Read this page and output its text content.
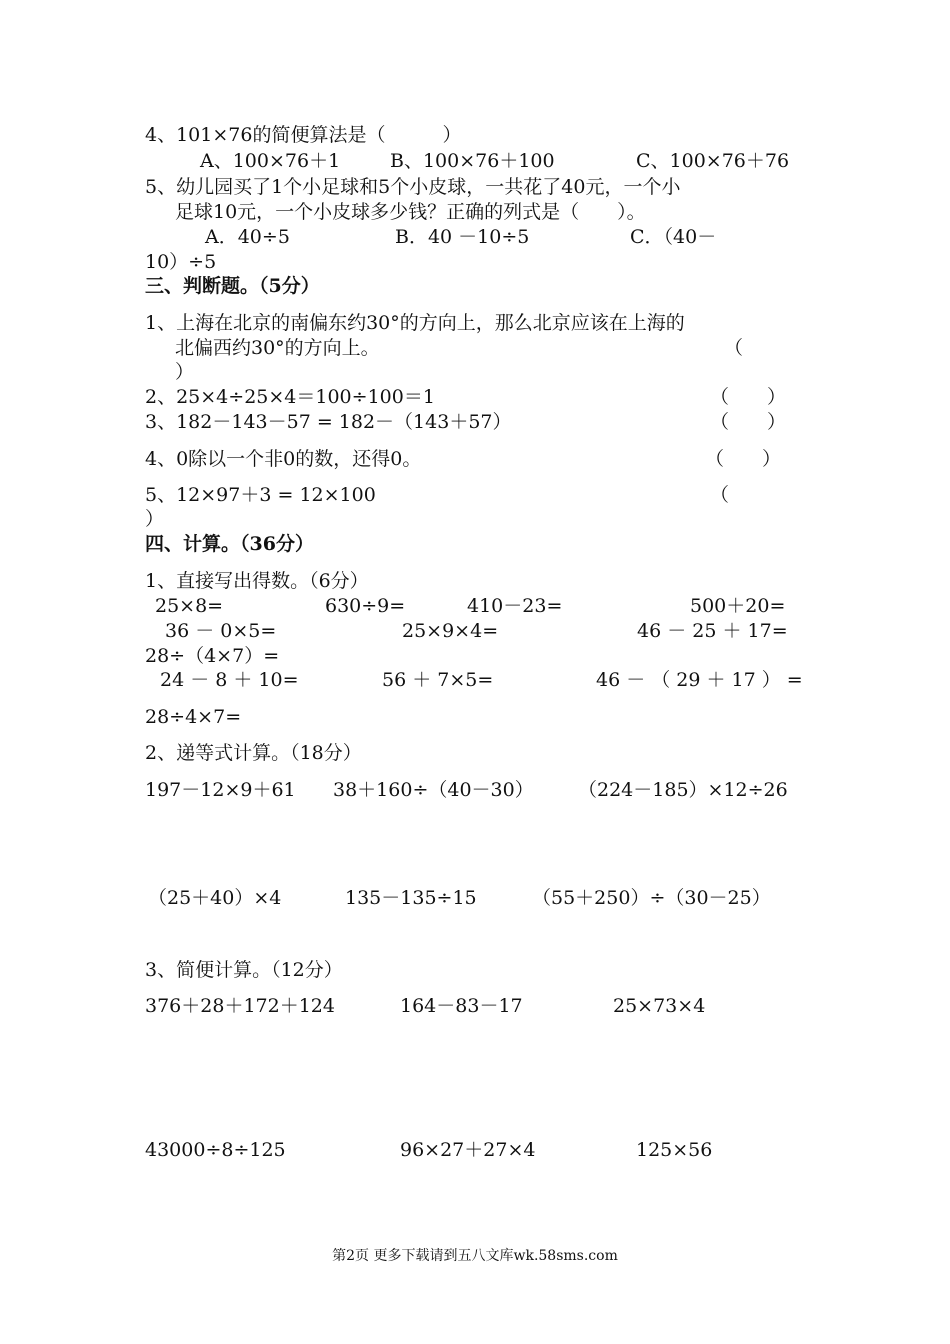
4、101×76的简便算法是（　　　）
A、100×76＋1	B、100×76＋100	C、100×76＋76
5、幼儿园买了1个小足球和5个小皮球，一共花了40元，一个小
足球10元，一个小皮球多少钱？正确的列式是（　　）。
A．40÷5	B．40 －10÷5	C．（40－
10）÷5
三、判断题。（5分）
1、上海在北京的南偏东约30°的方向上，那么北京应该在上海的
北偏西约30°的方向上。	（
）
2、25×4÷25×4＝100÷100＝1	（　　）
3、182－143－57 = 182－（143＋57）	（　　）
4、0除以一个非0的数，还得0。	（　　）
5、12×97＋3 = 12×100	（
）
四、计算。（36分）
1、直接写出得数。（6分）
25×8=	630÷9=	410－23=	500＋20=
36 － 0×5=	25×9×4=	46 － 25 ＋ 17=
28÷（4×7）=
24 － 8 ＋ 10=	56 ＋ 7×5=	46 － （ 29 ＋ 17 ） =
28÷4×7=
2、递等式计算。（18分）
197－12×9＋61 38＋160÷（40－30） （224－185）×12÷26
（25＋40）×4	135－135÷15	（55＋250）÷（30－25）
3、简便计算。（12分）
376＋28＋172＋124	164－83－17	25×73×4
43000÷8÷125	96×27＋27×4	125×56
第2页 更多下载请到五八文库wk.58sms.com
